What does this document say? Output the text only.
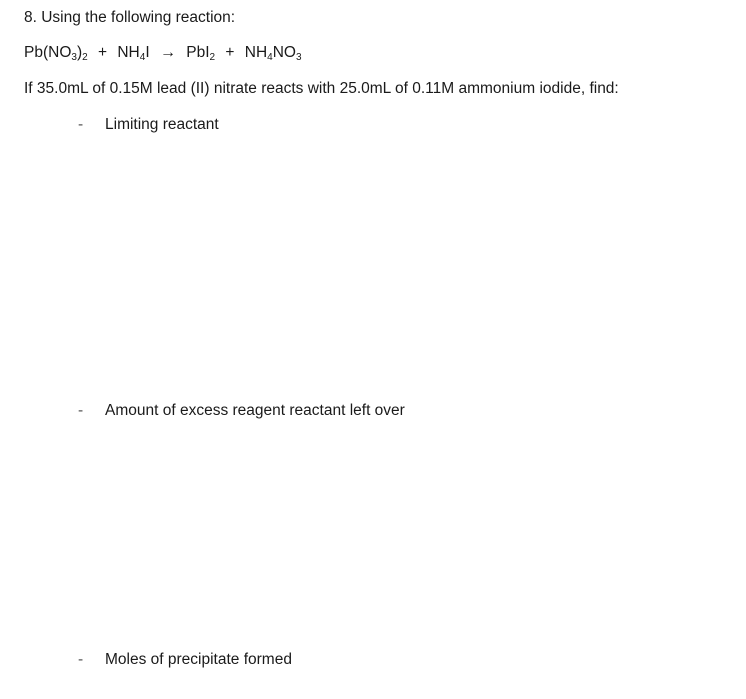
8. Using the following reaction:
$Pb(NO_3)_2 + NH_4I \to PbI_2 + NH_4NO_3$
If 35.0mL of 0.15M lead (II) nitrate reacts with 25.0mL of 0.11M ammonium iodide, find:
- Limiting reactant
- Amount of excess reagent reactant left over
- Moles of precipitate formed
